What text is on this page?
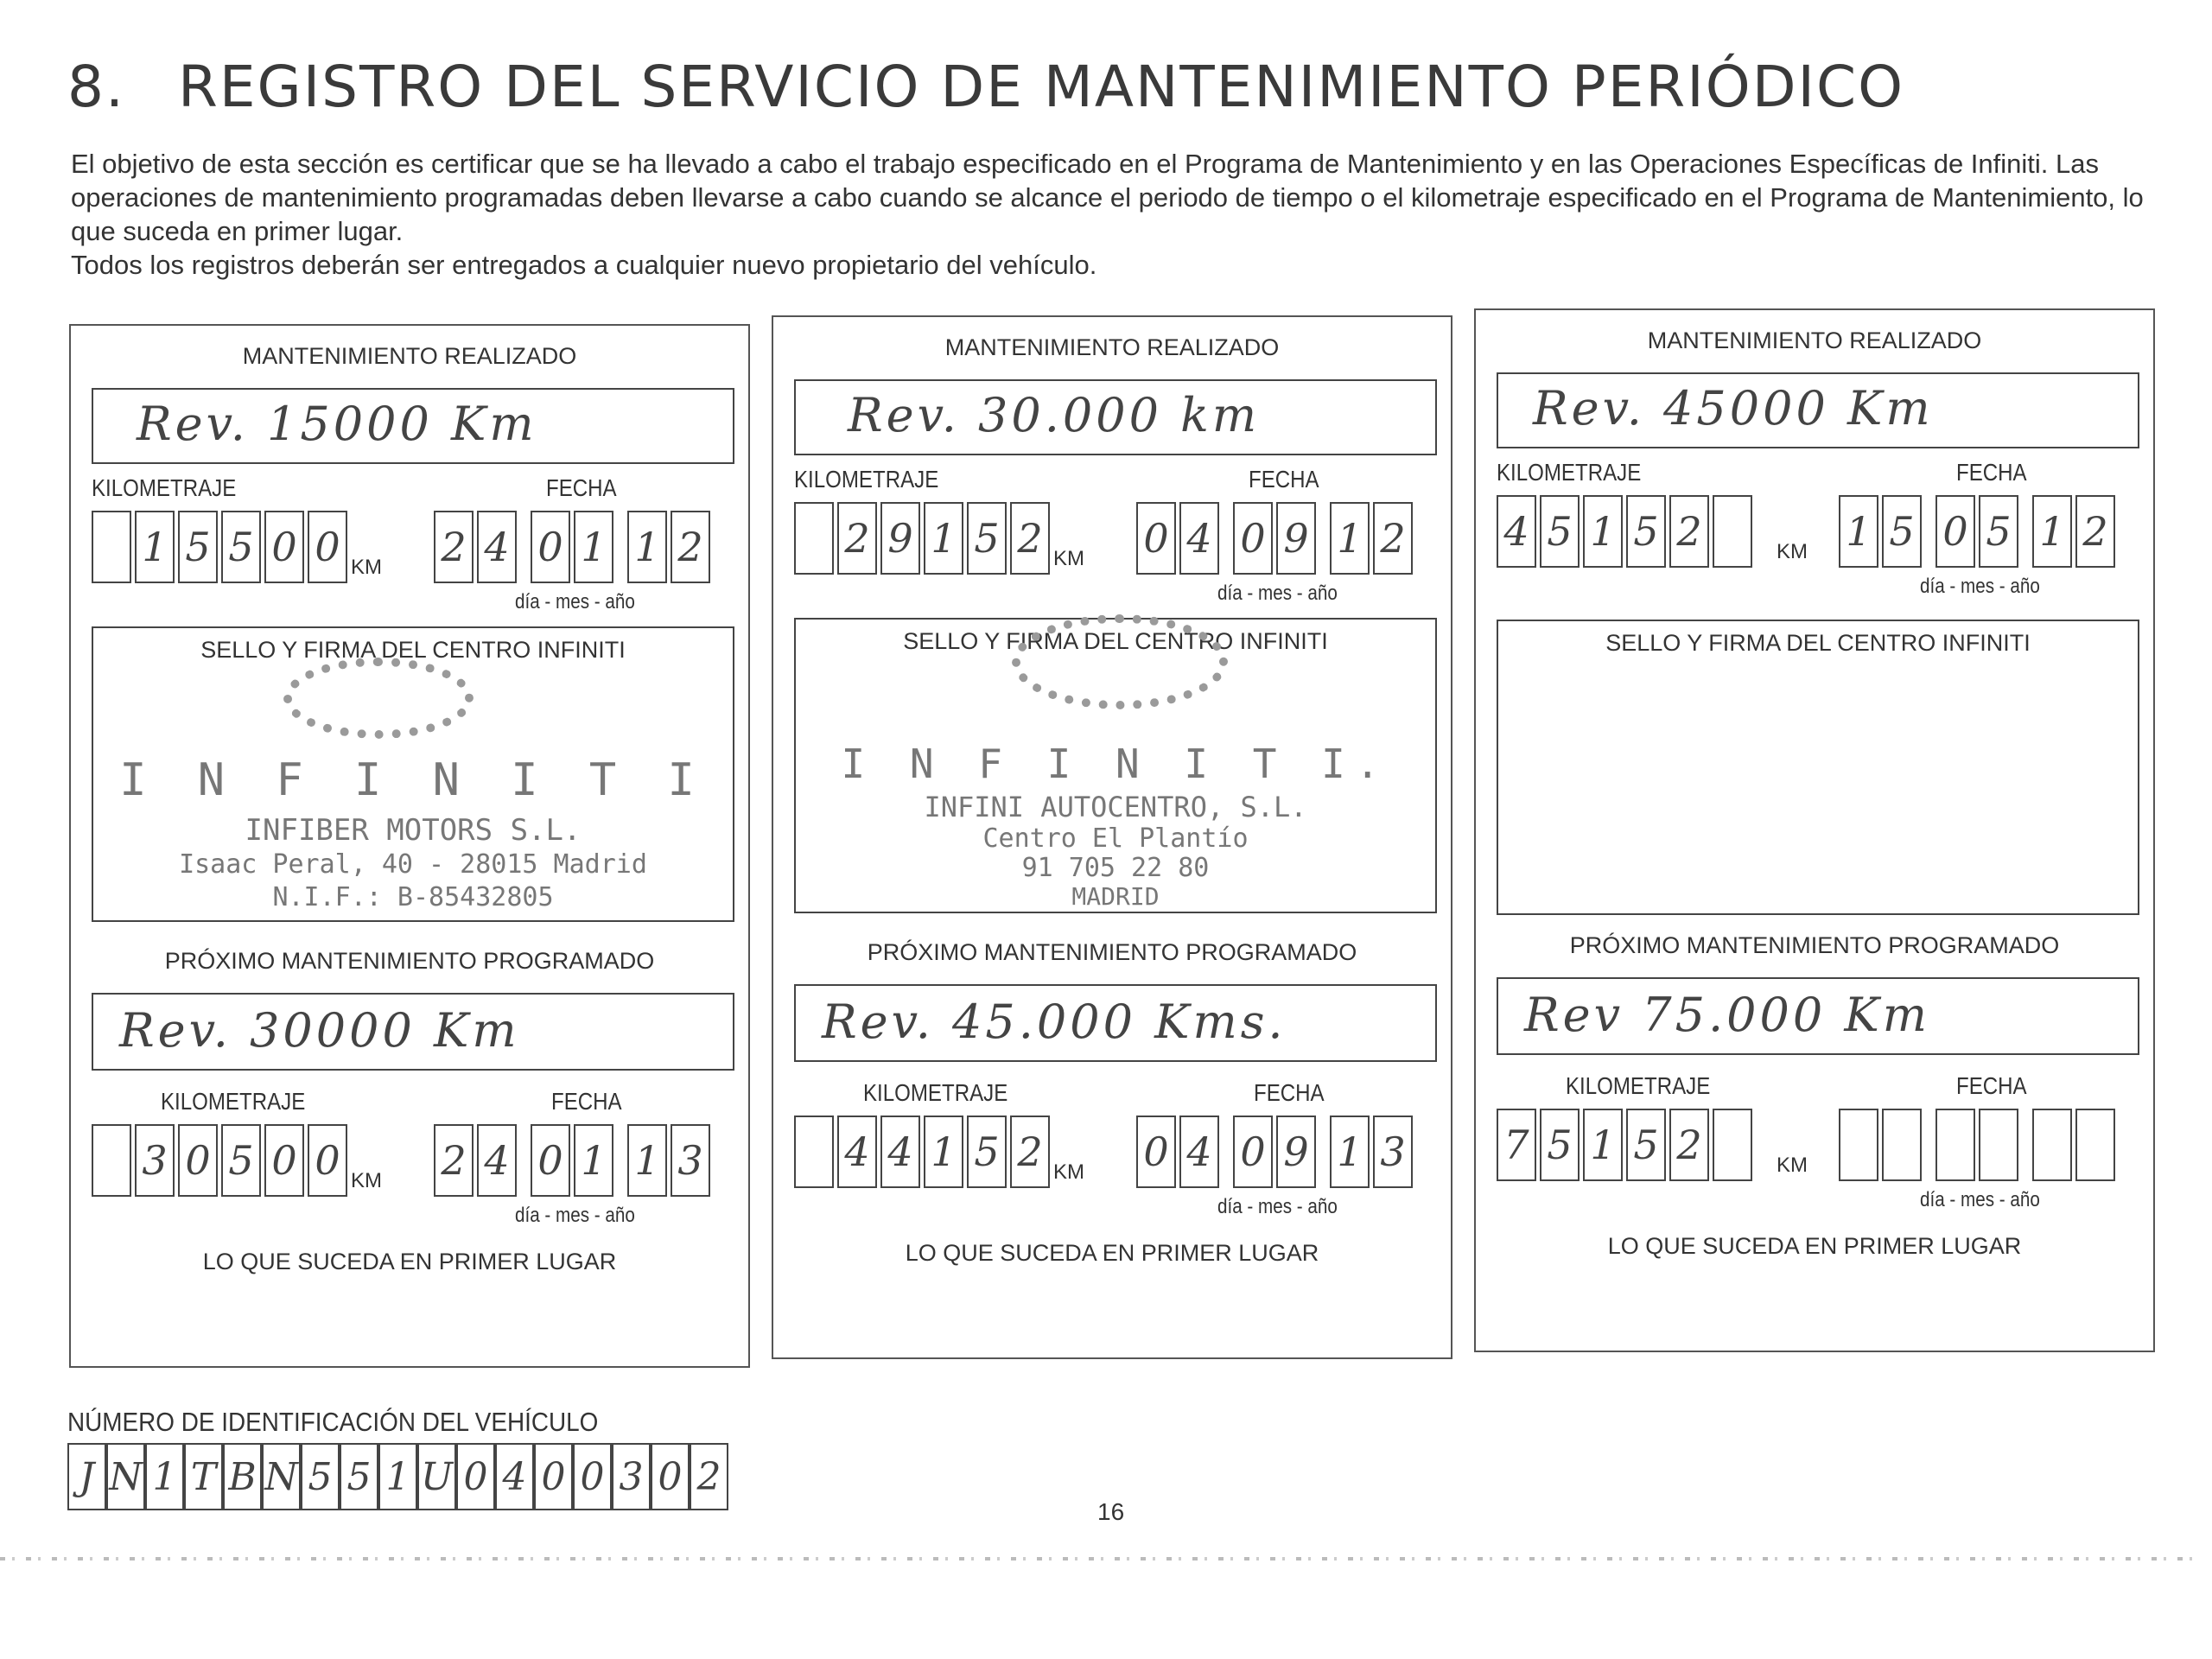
8. REGISTRO DEL SERVICIO DE MANTENIMIENTO PERIÓDICO

El objetivo de esta sección es certificar que se ha llevado a cabo el trabajo especificado en el Programa de Mantenimiento y en las Operaciones Específicas de Infiniti. Las operaciones de mantenimiento programadas deben llevarse a cabo cuando se alcance el periodo de tiempo o el kilometraje especificado en el Programa de Mantenimiento, lo que suceda en primer lugar.

Todos los registros deberán ser entregados a cualquier nuevo propietario del vehículo.

MANTENIMIENTO REALIZADO
Rev. 15000 Km
KILOMETRAJE	FECHA
1 5 5 0 0 KM 2 4 0 1 1 2
día - mes - año
SELLO Y FIRMA DEL CENTRO INFINITI
I N F I N I T I
INFIBER MOTORS S.L.
Isaac Peral, 40 - 28015 Madrid
N.I.F.: B-85432805
PRÓXIMO MANTENIMIENTO PROGRAMADO
Rev. 30000 Km
KILOMETRAJE	FECHA
3 0 5 0 0 KM 2 4 0 1 1 3
día - mes - año
LO QUE SUCEDA EN PRIMER LUGAR
MANTENIMIENTO REALIZADO
Rev. 30.000 km
KILOMETRAJE	FECHA
2 9 1 5 2 KM 0 4 0 9 1 2
día - mes - año
SELLO Y FIRMA DEL CENTRO INFINITI
I N F I N I T I.
INFINI AUTOCENTRO, S.L.
Centro El Plantío
91 705 22 80
MADRID
PRÓXIMO MANTENIMIENTO PROGRAMADO
Rev. 45.000 Kms.
KILOMETRAJE	FECHA
4 4 1 5 2 KM 0 4 0 9 1 3
día - mes - año
LO QUE SUCEDA EN PRIMER LUGAR
MANTENIMIENTO REALIZADO
Rev. 45000 Km
KILOMETRAJE	FECHA
4 5 1 5 2	KM 1 5 0 5 1 2
día - mes - año
SELLO Y FIRMA DEL CENTRO INFINITI
PRÓXIMO MANTENIMIENTO PROGRAMADO
Rev 75.000 Km
KILOMETRAJE	FECHA
7 5 1 5 2	KM
día - mes - año
LO QUE SUCEDA EN PRIMER LUGAR
NÚMERO DE IDENTIFICACIÓN DEL VEHÍCULO
J N 1 T B N 5 5 1 U 0 4 0 0 3 0 2
16
